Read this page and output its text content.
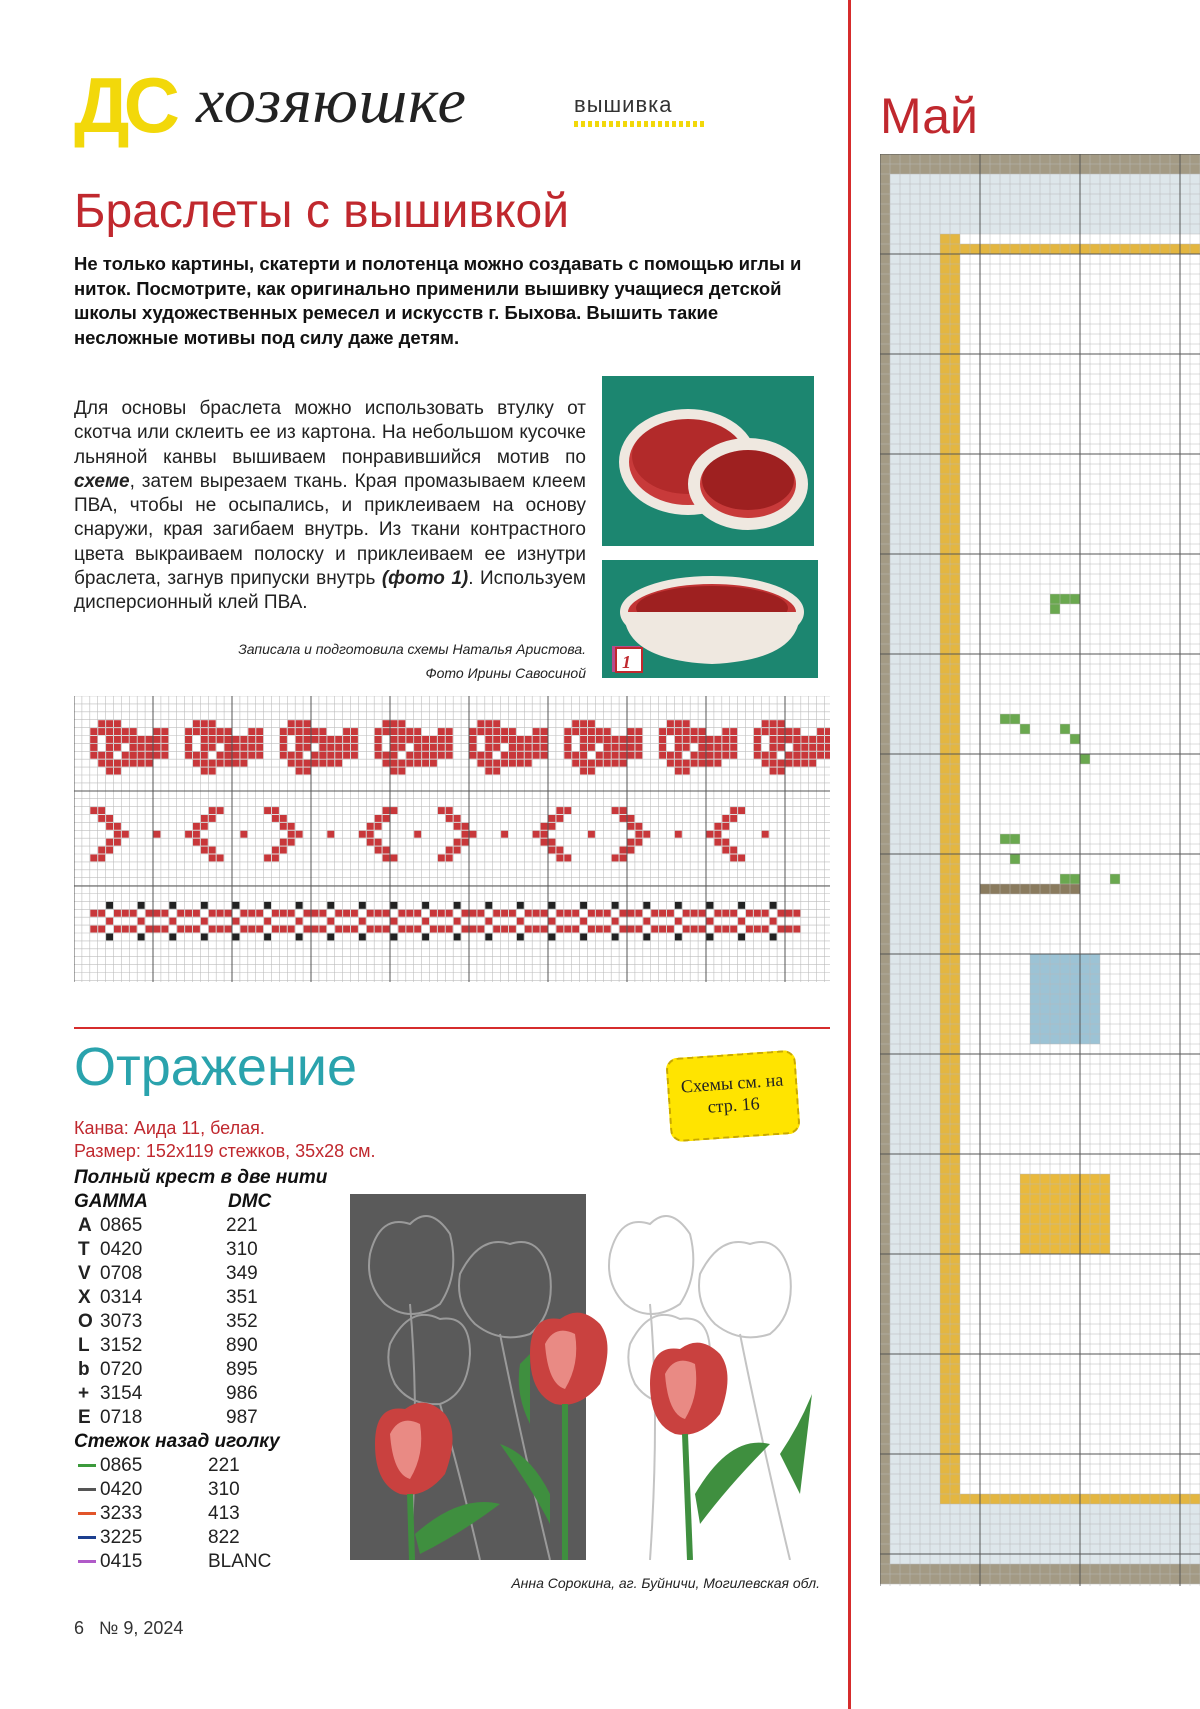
ДС хозяюшке	вышивка
Браслеты с вышивкой
Не только картины, скатерти и полотенца можно создавать с помощью иглы и ниток. Посмотрите, как оригинально применили вышивку учащиеся детской школы художественных ремесел и искусств г. Быхова. Вышить такие несложные мотивы под силу даже детям.
Для основы браслета можно использовать втулку от скотча или склеить ее из картона. На небольшом кусочке льняной канвы вышиваем понравившийся мотив по схеме, затем вырезаем ткань. Края промазываем клеем ПВА, чтобы не осыпались, и приклеиваем на основу снаружи, края загибаем внутрь. Из ткани контрастного цвета выкраиваем полоску и приклеиваем ее изнутри браслета, загнув припуски внутрь (фото 1). Используем дисперсионный клей ПВА.
Записала и подготовила схемы Наталья Аристова.
Фото Ирины Савосиной
1
Отражение	Схемы см. на стр. 16
Канва: Аида 11, белая.
Размер: 152x119 стежков, 35x28 см.
Полный крест в две нити
GAMMA	DMC
A 0865	221
T 0420	310
V 0708	349
X 0314	351
O 3073	352
L 3152	890
b 0720	895
+ 3154	986
E 0718	987
Стежок назад иголку
0865	221
0420	310
3233	413
3225	822
0415	BLANC
Анна Сорокина, аг. Буйничи, Могилевская обл.
6 № 9, 2024
Май
